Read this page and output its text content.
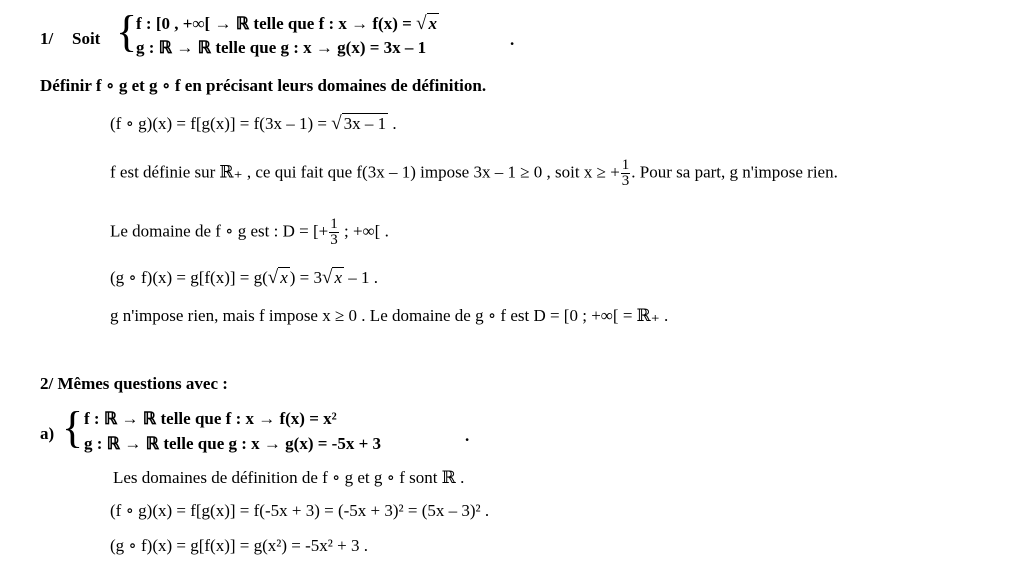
1/ Soit {
f : [0 , +∞[ → ℝ telle que f : x → f(x) = √ x
g : ℝ → ℝ telle que g : x → g(x) = 3x – 1	.
Définir f ∘ g et g ∘ f en précisant leurs domaines de définition.
(f ∘ g)(x) = f[g(x)] = f(3x – 1) = √ 3x – 1 .
f est définie sur ℝ₊ , ce qui fait que f(3x – 1) impose 3x – 1 ≥ 0 , soit x ≥ + $\frac{1}{3}$ . Pour sa part, g n'impose rien.
Le domaine de f ∘ g est : D = [+ $\frac{1}{3}$ ; +∞[ .
(g ∘ f)(x) = g[f(x)] = g(√ x ) = 3√ x – 1 .
g n'impose rien, mais f impose x ≥ 0 . Le domaine de g ∘ f est D = [0 ; +∞[ = ℝ₊ .
2/ Mêmes questions avec :
a) { f : ℝ → ℝ telle que f : x → f(x) = x²
g : ℝ → ℝ telle que g : x → g(x) = -5x + 3	.
Les domaines de définition de f ∘ g et g ∘ f sont ℝ .
(f ∘ g)(x) = f[g(x)] = f(-5x + 3) = (-5x + 3)² = (5x – 3)² .
(g ∘ f)(x) = g[f(x)] = g(x²) = -5x² + 3 .
